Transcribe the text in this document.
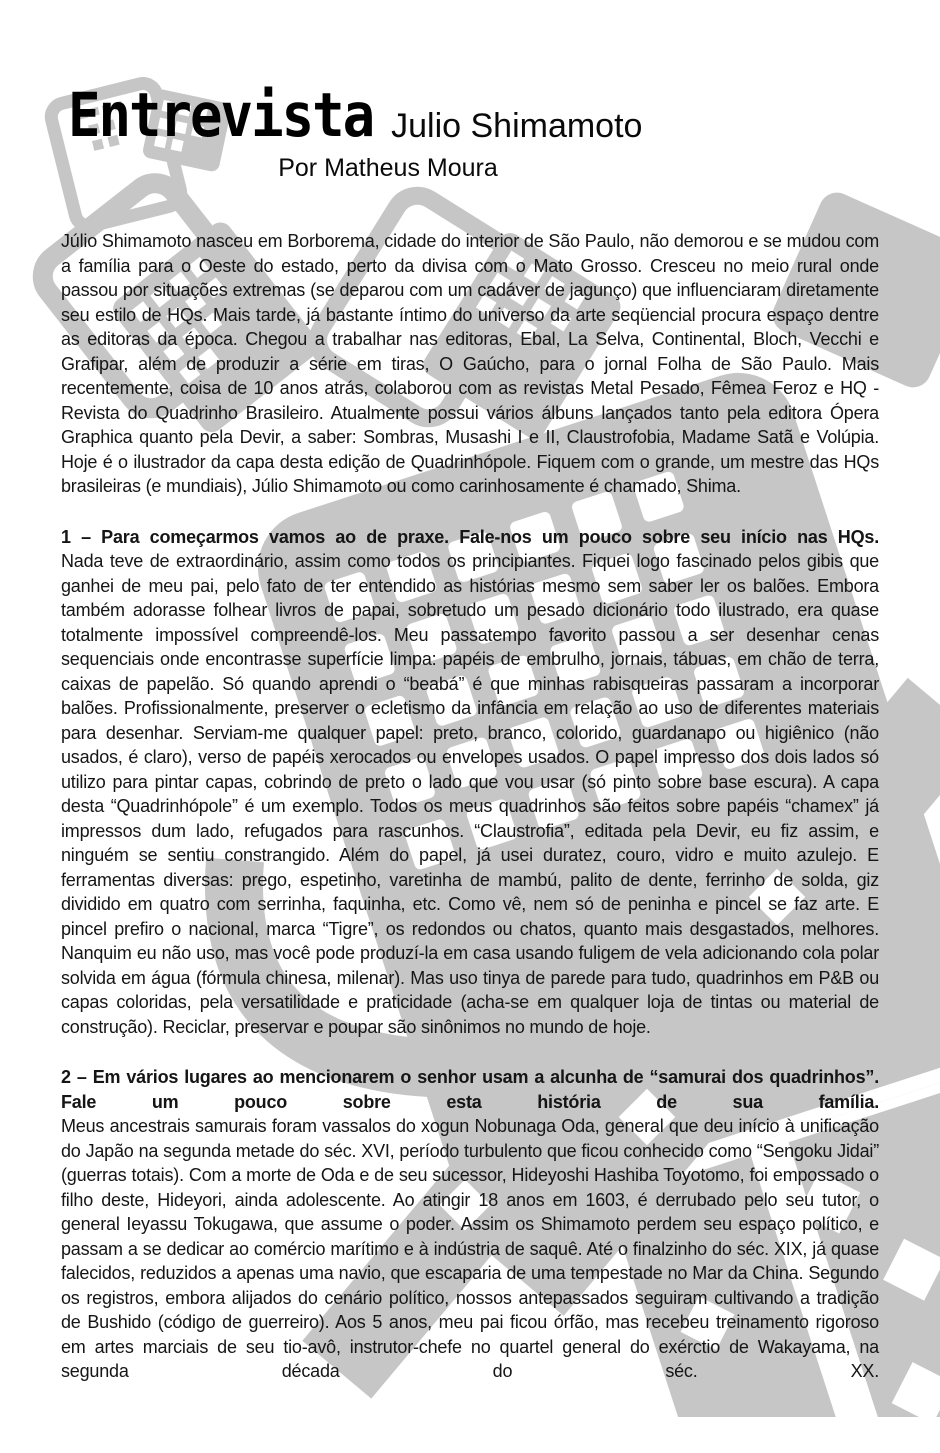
Entrevista Julio Shimamoto
Por Matheus Moura

Júlio Shimamoto nasceu em Borborema, cidade do interior de São Paulo, não demorou e se mudou com a família para o Oeste do estado, perto da divisa com o Mato Grosso. Cresceu no meio rural onde passou por situações extremas (se deparou com um cadáver de jagunço) que influenciaram diretamente seu estilo de HQs. Mais tarde, já bastante íntimo do universo da arte seqüencial procura espaço dentre as editoras da época. Chegou a trabalhar nas editoras, Ebal, La Selva, Continental, Bloch, Vecchi e Grafipar, além de produzir a série em tiras, O Gaúcho, para o jornal Folha de São Paulo. Mais recentemente, coisa de 10 anos atrás, colaborou com as revistas Metal Pesado, Fêmea Feroz e HQ - Revista do Quadrinho Brasileiro. Atualmente possui vários álbuns lançados tanto pela editora Ópera Graphica quanto pela Devir, a saber: Sombras, Musashi I e II, Claustrofobia, Madame Satã e Volúpia. Hoje é o ilustrador da capa desta edição de Quadrinhópole. Fiquem com o grande, um mestre das HQs brasileiras (e mundiais), Júlio Shimamoto ou como carinhosamente é chamado, Shima.

1 – Para começarmos vamos ao de praxe. Fale-nos um pouco sobre seu início nas HQs.

Nada teve de extraordinário, assim como todos os principiantes. Fiquei logo fascinado pelos gibis que ganhei de meu pai, pelo fato de ter entendido as histórias mesmo sem saber ler os balões. Embora também adorasse folhear livros de papai, sobretudo um pesado dicionário todo ilustrado, era quase totalmente impossível compreendê-los. Meu passatempo favorito passou a ser desenhar cenas sequenciais onde encontrasse superfície limpa: papéis de embrulho, jornais, tábuas, em chão de terra, caixas de papelão. Só quando aprendi o “beabá” é que minhas rabisqueiras passaram a incorporar balões. Profissionalmente, preserver o ecletismo da infância em relação ao uso de diferentes materiais para desenhar. Serviam-me qualquer papel: preto, branco, colorido, guardanapo ou higiênico (não usados, é claro), verso de papéis xerocados ou envelopes usados. O papel impresso dos dois lados só utilizo para pintar capas, cobrindo de preto o lado que vou usar (só pinto sobre base escura). A capa desta “Quadrinhópole” é um exemplo. Todos os meus quadrinhos são feitos sobre papéis “chamex” já impressos dum lado, refugados para rascunhos. “Claustrofia”, editada pela Devir, eu fiz assim, e ninguém se sentiu constrangido. Além do papel, já usei duratez, couro, vidro e muito azulejo. E ferramentas diversas: prego, espetinho, varetinha de mambú, palito de dente, ferrinho de solda, giz dividido em quatro com serrinha, faquinha, etc. Como vê, nem só de peninha e pincel se faz arte. E pincel prefiro o nacional, marca “Tigre”, os redondos ou chatos, quanto mais desgastados, melhores. Nanquim eu não uso, mas você pode produzí-la em casa usando fuligem de vela adicionando cola polar solvida em água (fórmula chinesa, milenar). Mas uso tinya de parede para tudo, quadrinhos em P&B ou capas coloridas, pela versatilidade e praticidade (acha-se em qualquer loja de tintas ou material de construção). Reciclar, preservar e poupar são sinônimos no mundo de hoje.

2 – Em vários lugares ao mencionarem o senhor usam a alcunha de “samurai dos quadrinhos”. Fale um pouco sobre esta história de sua família.

Meus ancestrais samurais foram vassalos do xogun Nobunaga Oda, general que deu início à unificação do Japão na segunda metade do séc. XVI, período turbulento que ficou conhecido como “Sengoku Jidai” (guerras totais). Com a morte de Oda e de seu sucessor, Hideyoshi Hashiba Toyotomo, foi empossado o filho deste, Hideyori, ainda adolescente. Ao atingir 18 anos em 1603, é derrubado pelo seu tutor, o general Ieyassu Tokugawa, que assume o poder. Assim os Shimamoto perdem seu espaço político, e passam a se dedicar ao comércio marítimo e à indústria de saquê. Até o finalzinho do séc. XIX, já quase falecidos, reduzidos a apenas uma navio, que escaparia de uma tempestade no Mar da China. Segundo os registros, embora alijados do cenário político, nossos antepassados seguiram cultivando a tradição de Bushido (código de guerreiro). Aos 5 anos, meu pai ficou órfão, mas recebeu treinamento rigoroso em artes marciais de seu tio-avô, instrutor-chefe no quartel general do exérctio de Wakayama, na segunda década do séc. XX.
